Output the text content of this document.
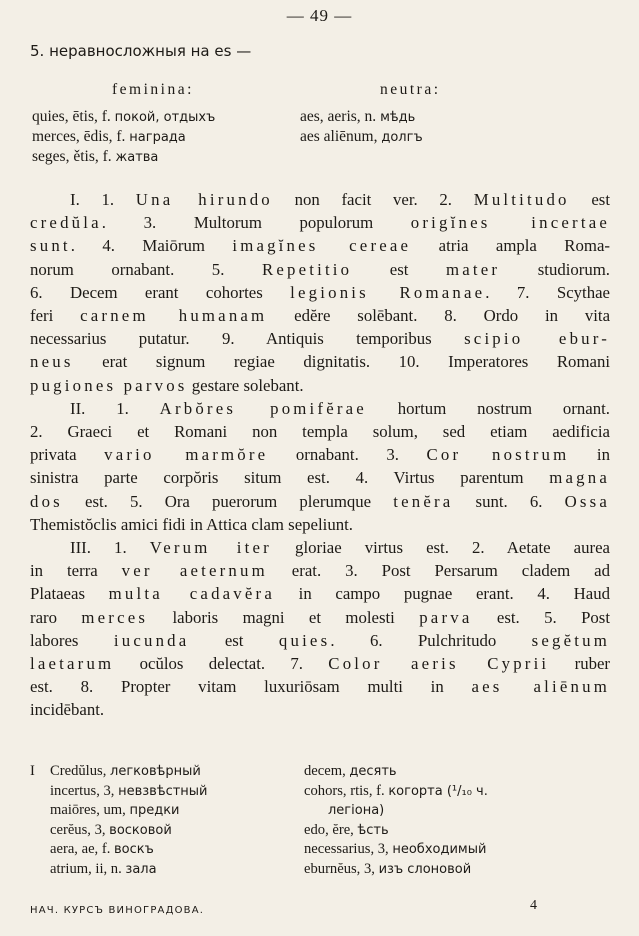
— 49 —
5. неравносложныя на es —
feminina:
quies, ētis, f. покой, отдыхъ
merces, ēdis, f. награда
seges, ětis, f. жатва
neutra:
aes, aeris, n. мѣдь
aes aliēnum, долгъ
I. 1. Una hirundo non facit ver. 2. Multitudo est
credŭla. 3. Multorum populorum origĭnes incertae
sunt. 4. Maiōrum imagĭnes cereae atria ampla Roma-
norum ornabant. 5. Repetitio est mater studiorum.
6. Decem erant cohortes legionis Romanae. 7. Scythae
feri carnem humanam edĕre solēbant. 8. Ordo in vita
necessarius putatur. 9. Antiquis temporibus scipio ebur-
neus erat signum regiae dignitatis. 10. Imperatores Romani
pugiones parvos gestare solebant.
II. 1. Arbŏres pomifĕrae hortum nostrum ornant.
2. Graeci et Romani non templa solum, sed etiam aedificia
privata vario marmŏre ornabant. 3. Cor nostrum in
sinistra parte corpŏris situm est. 4. Virtus parentum magna
dos est. 5. Ora puerorum plerumque tenĕra sunt. 6. Ossa
Themistŏclis amici fidi in Attica clam sepeliunt.
III. 1. Verum iter gloriae virtus est. 2. Aetate aurea
in terra ver aeternum erat. 3. Post Persarum cladem ad
Plataeas multa cadavĕra in campo pugnae erant. 4. Haud
raro merces laboris magni et molesti parva est. 5. Post
labores iucunda est quies. 6. Pulchritudo segĕtum
laetarum ocŭlos delectat. 7. Color aeris Cyprii ruber
est. 8. Propter vitam luxuriōsam multi in aes aliēnum
incidēbant.
I Credŭlus, легковѣрный
incertus, 3, невзвѣстный
maiōres, um, предки
cerĕus, 3, восковой
aera, ae, f. воскъ
atrium, ii, n. зала
decem, десять
cohors, rtis, f. когорта (¹/₁₀ ч.
легіона)
edo, ĕre, ѣсть
necessarius, 3, необходимый
eburnĕus, 3, изъ слоновой
НАЧ. КУРСЪ ВИНОГРАДОВА.	4
